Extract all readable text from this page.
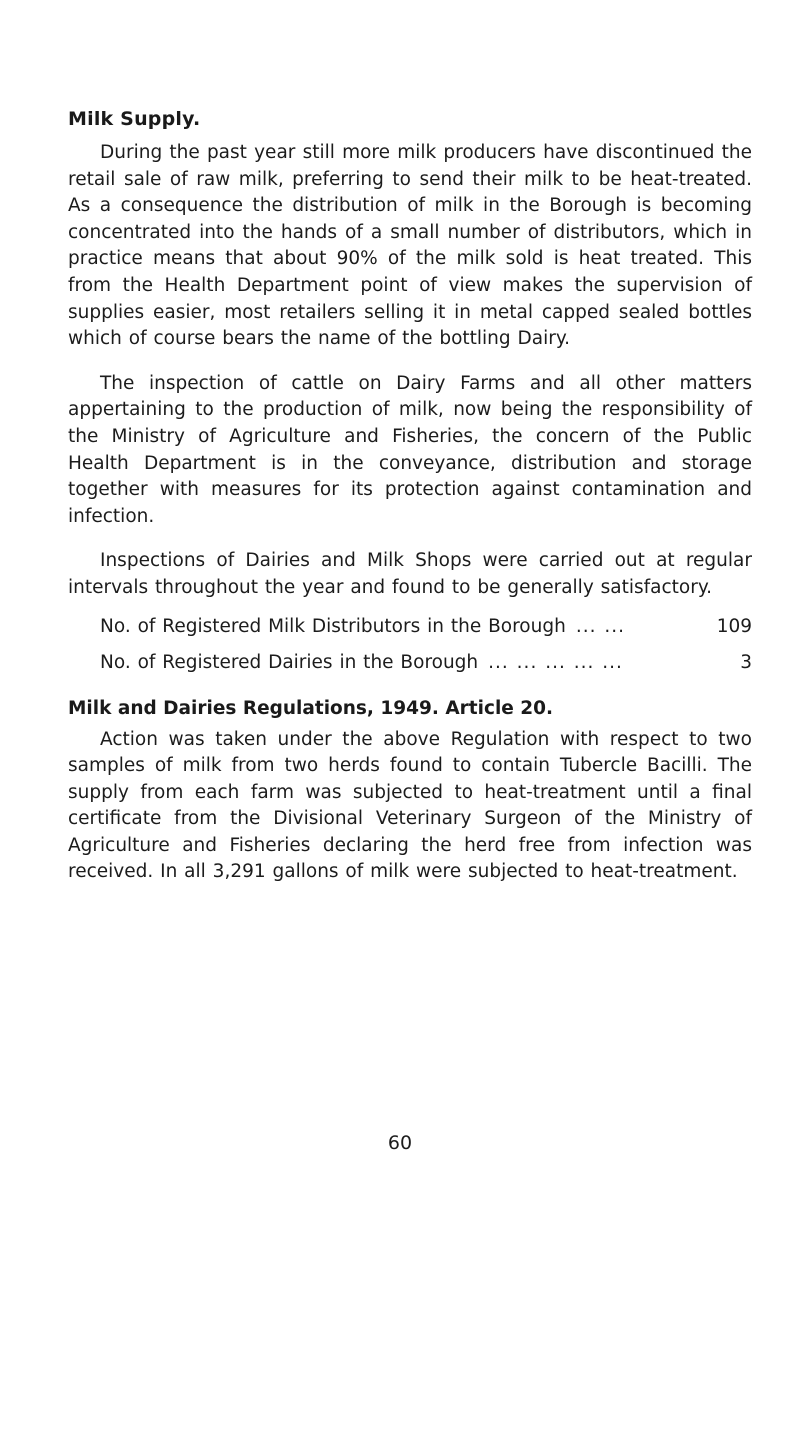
Milk Supply.

During the past year still more milk producers have discontinued the retail sale of raw milk, preferring to send their milk to be heat-treated. As a consequence the distribution of milk in the Borough is becoming concentrated into the hands of a small number of distributors, which in practice means that about 90% of the milk sold is heat treated. This from the Health Department point of view makes the supervision of supplies easier, most retailers selling it in metal capped sealed bottles which of course bears the name of the bottling Dairy.

The inspection of cattle on Dairy Farms and all other matters appertaining to the production of milk, now being the responsibility of the Ministry of Agriculture and Fisheries, the concern of the Public Health Department is in the conveyance, distribution and storage together with measures for its protection against contamination and infection.

Inspections of Dairies and Milk Shops were carried out at regular intervals throughout the year and found to be generally satisfactory.

No. of Registered Milk Distributors in the Borough ... ...	109
No. of Registered Dairies in the Borough ... ... ... ... ...	3
Milk and Dairies Regulations, 1949. Article 20.

Action was taken under the above Regulation with respect to two samples of milk from two herds found to contain Tubercle Bacilli. The supply from each farm was subjected to heat-treatment until a final certificate from the Divisional Veterinary Surgeon of the Ministry of Agriculture and Fisheries declaring the herd free from infection was received. In all 3,291 gallons of milk were subjected to heat-treatment.

60
